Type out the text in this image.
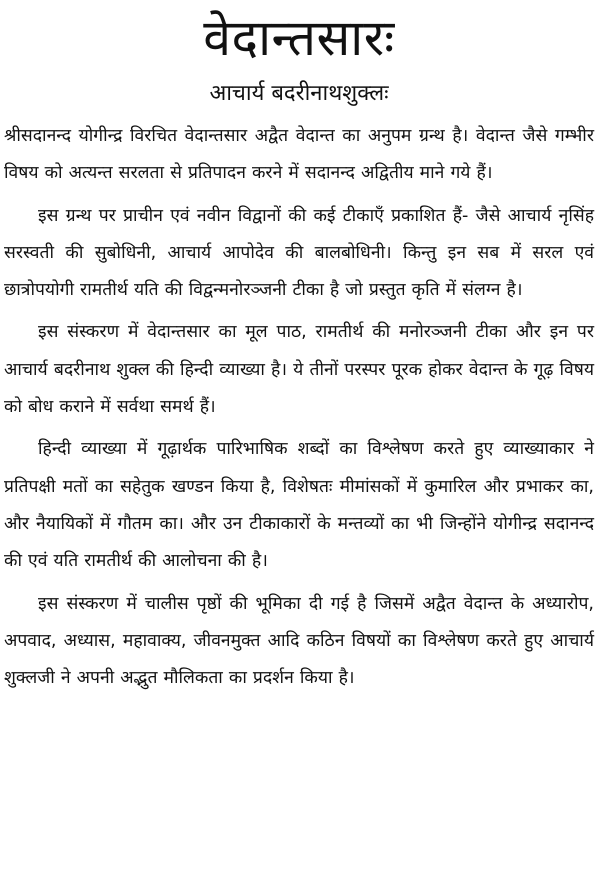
वेदान्तसारः
आचार्य बदरीनाथशुक्लः

श्रीसदानन्द योगीन्द्र विरचित वेदान्तसार अद्वैत वेदान्त का अनुपम ग्रन्थ है। वेदान्त जैसे गम्भीर विषय को अत्यन्त सरलता से प्रतिपादन करने में सदानन्द अद्वितीय माने गये हैं।

इस ग्रन्थ पर प्राचीन एवं नवीन विद्वानों की कई टीकाएँ प्रकाशित हैं- जैसे आचार्य नृसिंह सरस्वती की सुबोधिनी, आचार्य आपोदेव की बालबोधिनी। किन्तु इन सब में सरल एवं छात्रोपयोगी रामतीर्थ यति की विद्वन्मनोरञ्जनी टीका है जो प्रस्तुत कृति में संलग्न है।

इस संस्करण में वेदान्तसार का मूल पाठ, रामतीर्थ की मनोरञ्जनी टीका और इन पर आचार्य बदरीनाथ शुक्ल की हिन्दी व्याख्या है। ये तीनों परस्पर पूरक होकर वेदान्त के गूढ़ विषय को बोध कराने में सर्वथा समर्थ हैं।

हिन्दी व्याख्या में गूढ़ार्थक पारिभाषिक शब्दों का विश्लेषण करते हुए व्याख्याकार ने प्रतिपक्षी मतों का सहेतुक खण्डन किया है, विशेषतः मीमांसकों में कुमारिल और प्रभाकर का, और नैयायिकों में गौतम का। और उन टीकाकारों के मन्तव्यों का भी जिन्होंने योगीन्द्र सदानन्द की एवं यति रामतीर्थ की आलोचना की है।

इस संस्करण में चालीस पृष्ठों की भूमिका दी गई है जिसमें अद्वैत वेदान्त के अध्यारोप, अपवाद, अध्यास, महावाक्य, जीवनमुक्त आदि कठिन विषयों का विश्लेषण करते हुए आचार्य शुक्लजी ने अपनी अद्भुत मौलिकता का प्रदर्शन किया है।
